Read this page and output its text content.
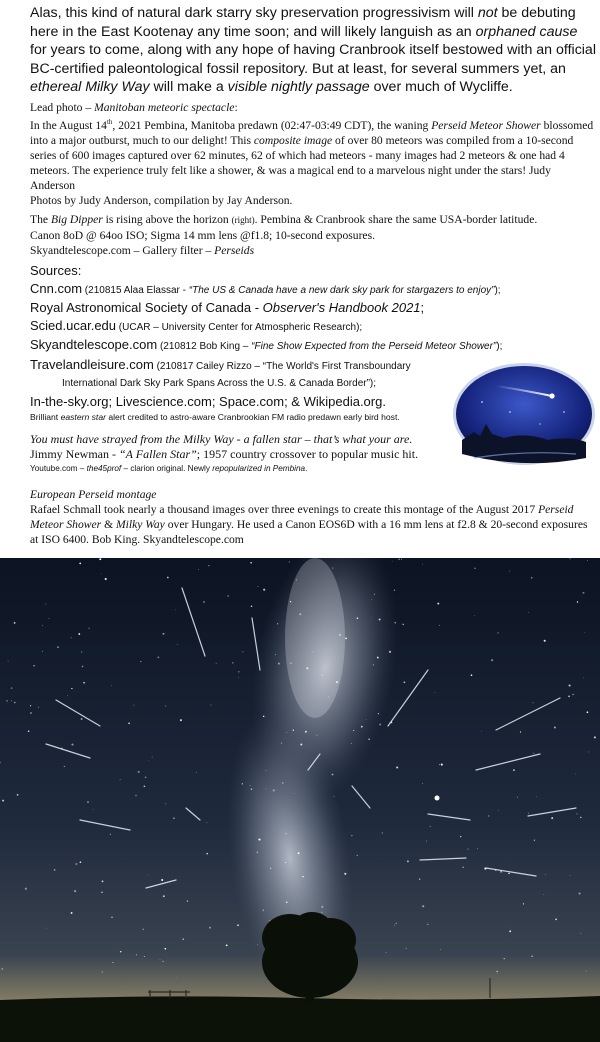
Alas, this kind of natural dark starry sky preservation progressivism will not be debuting here in the East Kootenay any time soon; and will likely languish as an orphaned cause for years to come, along with any hope of having Cranbrook itself bestowed with an official BC-certified paleontological fossil repository. But at least, for several summers yet, an ethereal Milky Way will make a visible nightly passage over much of Wycliffe.

Lead photo – Manitoban meteoric spectacle:

In the August 14th, 2021 Pembina, Manitoba predawn (02:47-03:49 CDT), the waning Perseid Meteor Shower blossomed into a major outburst, much to our delight! This composite image of over 80 meteors was compiled from a 10-second series of 600 images captured over 62 minutes, 62 of which had meteors - many images had 2 meteors & one had 4 meteors. The experience truly felt like a shower, & was a magical end to a marvelous night under the stars! Judy Anderson

Photos by Judy Anderson, compilation by Jay Anderson.

The Big Dipper is rising above the horizon (right). Pembina & Cranbrook share the same USA-border latitude.

Canon 8oD @ 64oo ISO; Sigma 14 mm lens @f1.8; 10-second exposures.

Skyandtelescope.com – Gallery filter – Perseids

Sources:
Cnn.com (210815 Alaa Elassar - “The US & Canada have a new dark sky park for stargazers to enjoy”);
Royal Astronomical Society of Canada - Observer's Handbook 2021;
Scied.ucar.edu (UCAR – University Center for Atmospheric Research);
Skyandtelescope.com (210812 Bob King – “Fine Show Expected from the Perseid Meteor Shower”);
Travelandleisure.com (210817 Cailey Rizzo – “The World's First Transboundary
International Dark Sky Park Spans Across the U.S. & Canada Border”);
In-the-sky.org; Livescience.com; Space.com; & Wikipedia.org.
Brilliant eastern star alert credited to astro-aware Cranbrookian FM radio predawn early bird host.
You must have strayed from the Milky Way - a fallen star – that’s what your are.
Jimmy Newman - “A Fallen Star”; 1957 country crossover to popular music hit.
Youtube.com – the45prof – clarion original. Newly repopularized in Pembina.

European Perseid montage

Rafael Schmall took nearly a thousand images over three evenings to create this montage of the August 2017 Perseid Meteor Shower & Milky Way over Hungary. He used a Canon EOS6D with a 16 mm lens at f2.8 & 20-second exposures at ISO 6400. Bob King. Skyandtelescope.com
